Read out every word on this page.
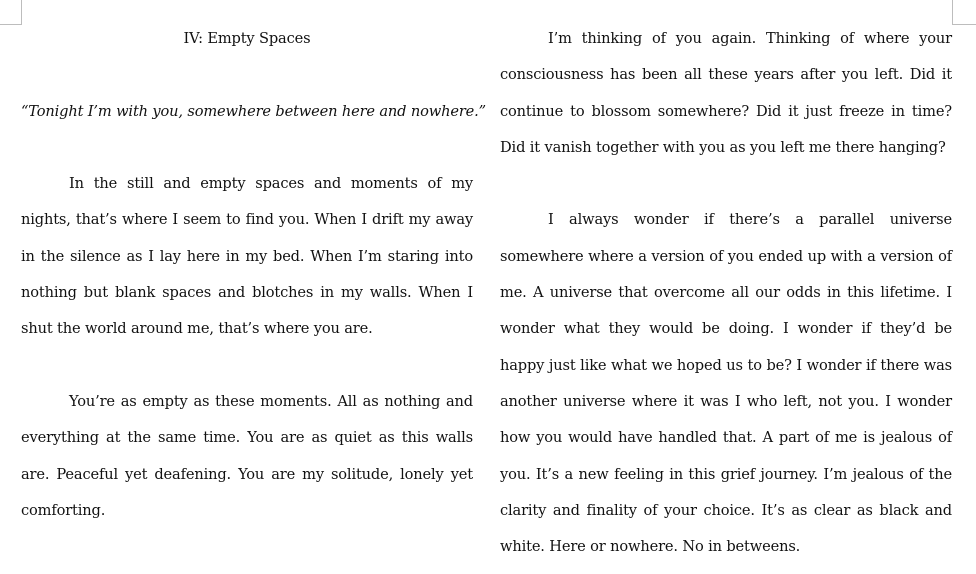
IV: Empty Spaces

“Tonight I’m with you, somewhere between here and nowhere.”

In the still and empty spaces and moments of my nights, that’s where I seem to find you. When I drift my away in the silence as I lay here in my bed. When I’m staring into nothing but blank spaces and blotches in my walls. When I shut the world around me, that’s where you are.

You’re as empty as these moments. All as nothing and everything at the same time. You are as quiet as this walls are. Peaceful yet deafening. You are my solitude, lonely yet comforting.

I’m thinking of you again. Thinking of where your consciousness has been all these years after you left. Did it continue to blossom somewhere? Did it just freeze in time? Did it vanish together with you as you left me there hanging?

I always wonder if there’s a parallel universe somewhere where a version of you ended up with a version of me. A universe that overcome all our odds in this lifetime. I wonder what they would be doing. I wonder if they’d be happy just like what we hoped us to be? I wonder if there was another universe where it was I who left, not you. I wonder how you would have handled that. A part of me is jealous of you. It’s a new feeling in this grief journey. I’m jealous of the clarity and finality of your choice. It’s as clear as black and white. Here or nowhere. No in betweens.
